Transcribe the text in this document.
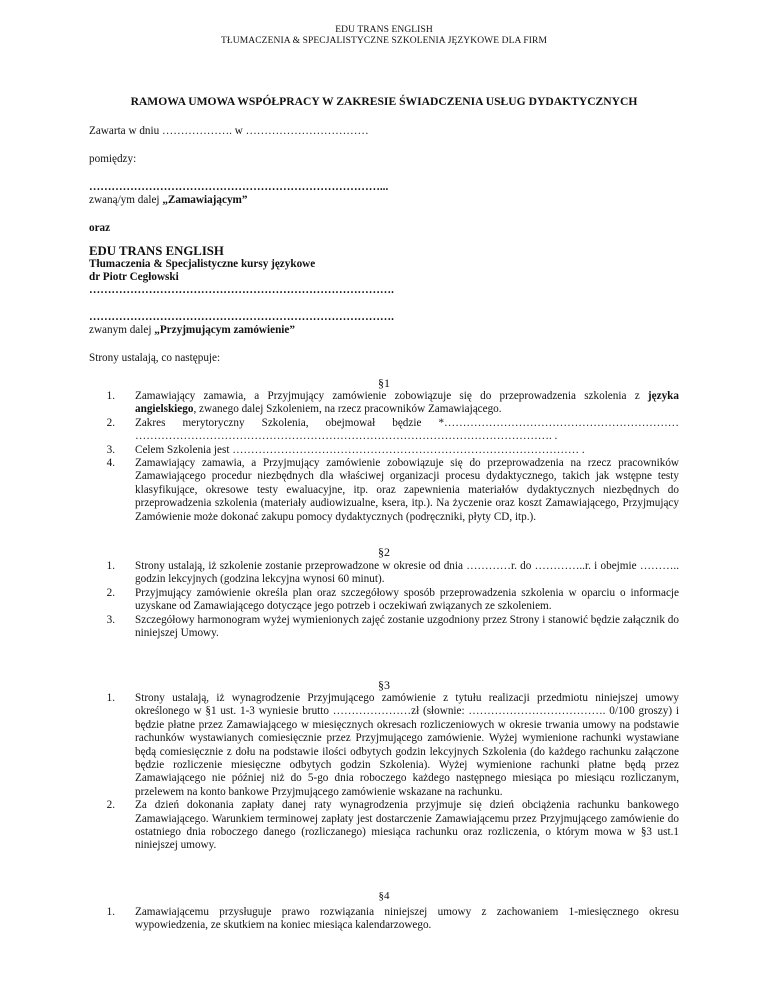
EDU TRANS ENGLISH
TŁUMACZENIA & SPECJALISTYCZNE SZKOLENIA JĘZYKOWE DLA FIRM
RAMOWA UMOWA WSPÓŁPRACY W ZAKRESIE ŚWIADCZENIA USŁUG DYDAKTYCZNYCH
Zawarta w dniu ………………. w ……………………………
pomiędzy:
……………………………………………………………………...
zwaną/ym dalej „Zamawiającym”
oraz
EDU TRANS ENGLISH
Tłumaczenia & Specjalistyczne kursy językowe
dr Piotr Cegłowski
……………………………………………………………………….
……………………………………………………………………….
zwanym dalej „Przyjmującym zamówienie”
Strony ustalają, co następuje:
§1
1. Zamawiający zamawia, a Przyjmujący zamówienie zobowiązuje się do przeprowadzenia szkolenia z języka angielskiego, zwanego dalej Szkoleniem, na rzecz pracowników Zamawiającego.
2. Zakres merytoryczny Szkolenia, obejmował będzie *……………………………………………………… …………………………………………………………………………………………………. .
3. Celem Szkolenia jest ………………………………………………………………………………… .
4. Zamawiający zamawia, a Przyjmujący zamówienie zobowiązuje się do przeprowadzenia na rzecz pracowników Zamawiającego procedur niezbędnych dla właściwej organizacji procesu dydaktycznego, takich jak wstępne testy klasyfikujące, okresowe testy ewaluacyjne, itp. oraz zapewnienia materiałów dydaktycznych niezbędnych do przeprowadzenia szkolenia (materiały audiowizualne, ksera, itp.). Na życzenie oraz koszt Zamawiającego, Przyjmujący Zamówienie może dokonać zakupu pomocy dydaktycznych (podręczniki, płyty CD, itp.).
§2
1. Strony ustalają, iż szkolenie zostanie przeprowadzone w okresie od dnia …………r. do …………..r. i obejmie ……….. godzin lekcyjnych (godzina lekcyjna wynosi 60 minut).
2. Przyjmujący zamówienie określa plan oraz szczegółowy sposób przeprowadzenia szkolenia w oparciu o informacje uzyskane od Zamawiającego dotyczące jego potrzeb i oczekiwań związanych ze szkoleniem.
3. Szczegółowy harmonogram wyżej wymienionych zajęć zostanie uzgodniony przez Strony i stanowić będzie załącznik do niniejszej Umowy.
§3
1. Strony ustalają, iż wynagrodzenie Przyjmującego zamówienie z tytułu realizacji przedmiotu niniejszej umowy określonego w §1 ust. 1-3 wyniesie brutto …………………zł (słownie: ………………………………. 0/100 groszy) i będzie płatne przez Zamawiającego w miesięcznych okresach rozliczeniowych w okresie trwania umowy na podstawie rachunków wystawianych comiesięcznie przez Przyjmującego zamówienie. Wyżej wymienione rachunki wystawiane będą comiesięcznie z dołu na podstawie ilości odbytych godzin lekcyjnych Szkolenia (do każdego rachunku załączone będzie rozliczenie miesięczne odbytych godzin Szkolenia). Wyżej wymienione rachunki płatne będą przez Zamawiającego nie później niż do 5-go dnia roboczego każdego następnego miesiąca po miesiącu rozliczanym, przelewem na konto bankowe Przyjmującego zamówienie wskazane na rachunku.
2. Za dzień dokonania zapłaty danej raty wynagrodzenia przyjmuje się dzień obciążenia rachunku bankowego Zamawiającego. Warunkiem terminowej zapłaty jest dostarczenie Zamawiającemu przez Przyjmującego zamówienie do ostatniego dnia roboczego danego (rozliczanego) miesiąca rachunku oraz rozliczenia, o którym mowa w §3 ust.1 niniejszej umowy.
§4
1. Zamawiającemu przysługuje prawo rozwiązania niniejszej umowy z zachowaniem 1-miesięcznego okresu wypowiedzenia, ze skutkiem na koniec miesiąca kalendarzowego.
